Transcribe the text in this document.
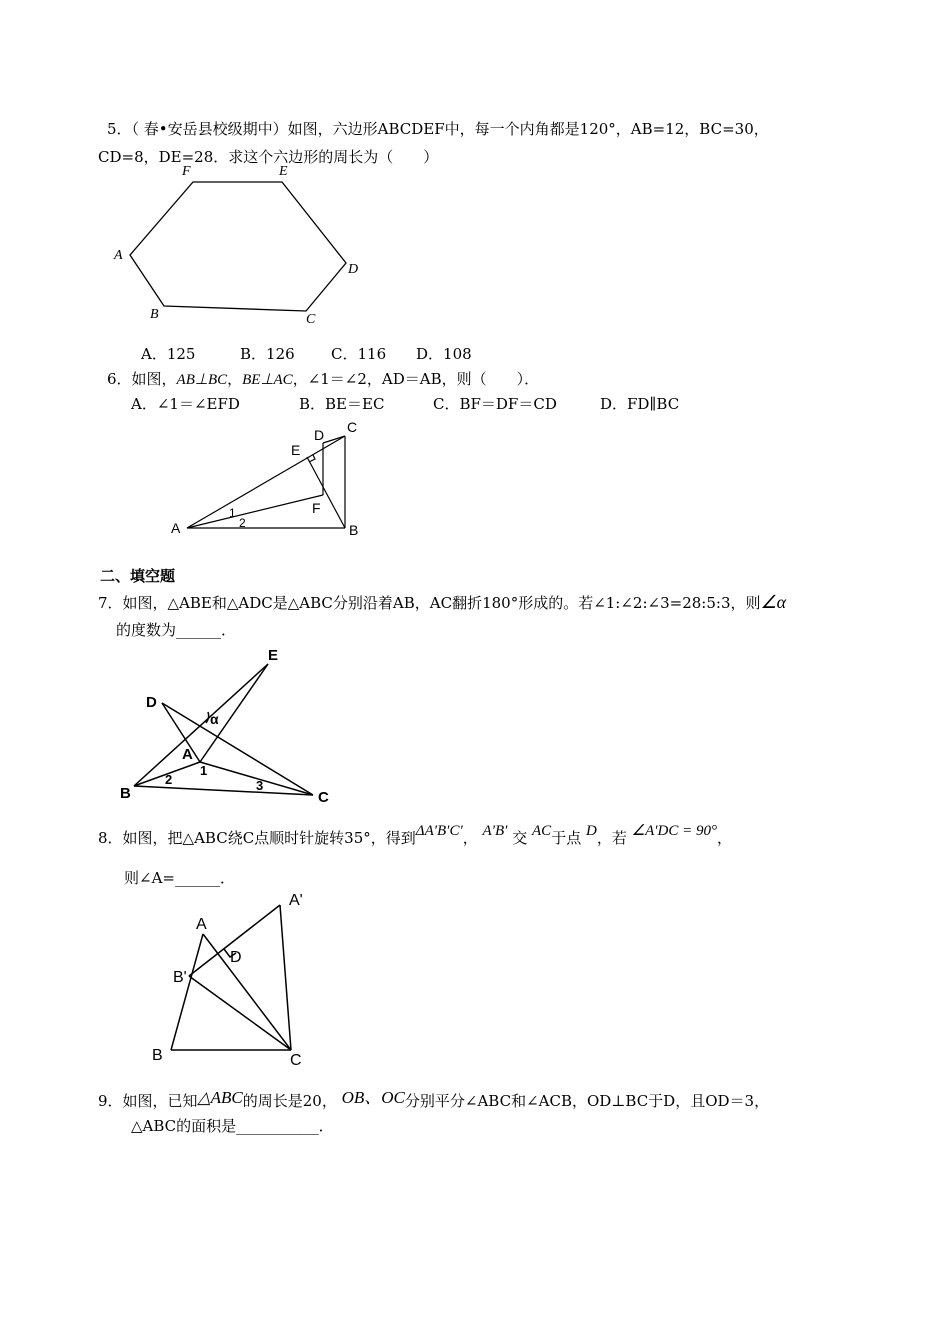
5．（ 春•安岳县校级期中）如图，六边形ABCDEF中，每一个内角都是120°，AB=12，BC=30，
CD=8，DE=28．求这个六边形的周长为（　　）
F	E
A
D
B	C
A．125	B．126 C．116 D．108
6．如图，AB⊥BC，BE⊥AC，∠1＝∠2，AD＝AB，则（　　）．
A．∠1＝∠EFD	B．BE＝EC	C．BF＝DF＝CD	D．FD∥BC
A	B
C
D
E
F
1
2
二、填空题
7．如图，△ABE和△ADC是△ABC分别沿着AB，AC翻折180°形成的。若∠1:∠2:∠3=28:5:3，则∠α
的度数为______．
E
D
A
B	C
1
2	3
α
8．如图，把△ABC绕C点顺时针旋转35°，得到ΔA′B′C′， A′B′ 交 AC于点 D，若 ∠A′DC = 90°，
则∠A=______．
A
A'
D
B'
B	C
9．如图，已知△ABC的周长是20， OB、OC分别平分∠ABC和∠ACB，OD⊥BC于D，且OD＝3，
△ABC的面积是___________．
